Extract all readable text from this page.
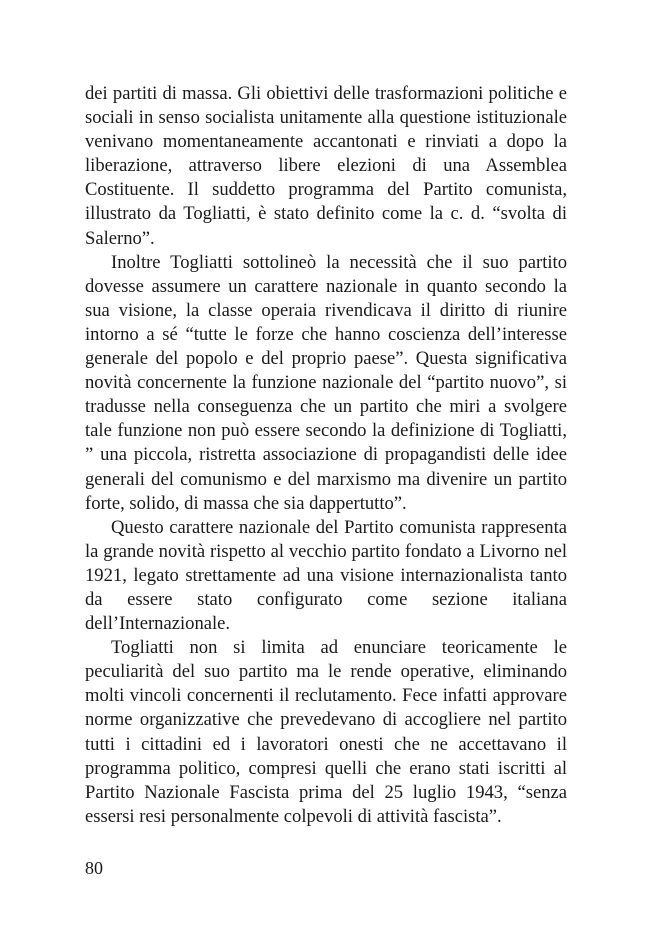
dei partiti di massa. Gli obiettivi delle trasformazioni politiche e sociali in senso socialista unitamente alla questione istituzionale venivano momentaneamente accantonati e rinviati a dopo la liberazione, attraverso libere elezioni di una Assemblea Costituente. Il suddetto programma del Partito comunista, illustrato da Togliatti, è stato definito come la c. d. “svolta di Salerno”.

Inoltre Togliatti sottolineò la necessità che il suo partito dovesse assumere un carattere nazionale in quanto secondo la sua visione, la classe operaia rivendicava il diritto di riunire intorno a sé “tutte le forze che hanno coscienza dell’interesse generale del popolo e del proprio paese”. Questa significativa novità concernente la funzione nazionale del “partito nuovo”, si tradusse nella conseguenza che un partito che miri a svolgere tale funzione non può essere secondo la definizione di Togliatti, ” una piccola, ristretta associazione di propagandisti delle idee generali del comunismo e del marxismo ma divenire un partito forte, solido, di massa che sia dappertutto”.

Questo carattere nazionale del Partito comunista rappresenta la grande novità rispetto al vecchio partito fondato a Livorno nel 1921, legato strettamente ad una visione internazionalista tanto da essere stato configurato come sezione italiana dell’Internazionale.

Togliatti non si limita ad enunciare teoricamente le peculiarità del suo partito ma le rende operative, eliminando molti vincoli concernenti il reclutamento. Fece infatti approvare norme organizzative che prevedevano di accogliere nel partito tutti i cittadini ed i lavoratori onesti che ne accettavano il programma politico, compresi quelli che erano stati iscritti al Partito Nazionale Fascista prima del 25 luglio 1943, “senza essersi resi personalmente colpevoli di attività fascista”.

80
